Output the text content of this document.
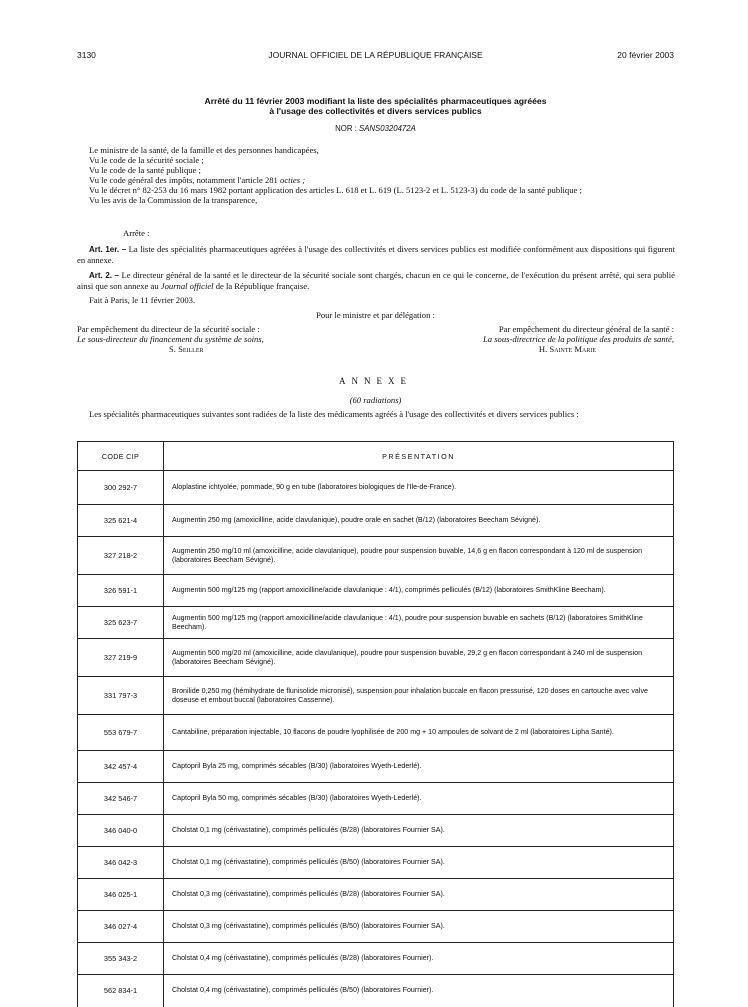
3130	JOURNAL OFFICIEL DE LA RÉPUBLIQUE FRANÇAISE	20 février 2003
Arrêté du 11 février 2003 modifiant la liste des spécialités pharmaceutiques agréées
à l'usage des collectivités et divers services publics
NOR : SANS0320472A
Le ministre de la santé, de la famille et des personnes handicapées,
Vu le code de la sécurité sociale ;
Vu le code de la santé publique ;
Vu le code général des impôts, notamment l'article 281 octies ;
Vu le décret n° 82-253 du 16 mars 1982 portant application des articles L. 618 et L. 619 (L. 5123-2 et L. 5123-3) du code de la santé publique ;
Vu les avis de la Commission de la transparence,
Arrête :
Art. 1er. – La liste des spécialités pharmaceutiques agréées à l'usage des collectivités et divers services publics est modifiée conformément aux dispositions qui figurent en annexe.
Art. 2. – Le directeur général de la santé et le directeur de la sécurité sociale sont chargés, chacun en ce qui le concerne, de l'exécution du présent arrêté, qui sera publié ainsi que son annexe au Journal officiel de la République française.
Fait à Paris, le 11 février 2003.
Pour le ministre et par délégation :
Par empêchement du directeur de la sécurité sociale :
Le sous-directeur du financement du système de soins,
S. Seiller
Par empêchement du directeur général de la santé :
La sous-directrice de la politique des produits de santé,
H. Sainte Marie
ANNEXE
(60 radiations)
Les spécialités pharmaceutiques suivantes sont radiées de la liste des médicaments agréés à l'usage des collectivités et divers services publics :
CODE CIP	PRÉSENTATION
300 292-7	Aloplastine ichtyolée, pommade, 90 g en tube (laboratoires biologiques de l'Ile-de-France).
325 621-4	Augmentin 250 mg (amoxicilline, acide clavulanique), poudre orale en sachet (B/12) (laboratoires Beecham Sévigné).
327 218-2	Augmentin 250 mg/10 ml (amoxicilline, acide clavulanique), poudre pour suspension buvable, 14,6 g en flacon correspondant à 120 ml de suspension (laboratoires Beecham Sévigné).
326 591-1	Augmentin 500 mg/125 mg (rapport amoxicilline/acide clavulanique : 4/1), comprimés pelliculés (B/12) (laboratoires SmithKline Beecham).
325 623-7	Augmentin 500 mg/125 mg (rapport amoxicilline/acide clavulanique : 4/1), poudre pour suspension buvable en sachets (B/12) (laboratoires SmithKline Beecham).
327 219-9	Augmentin 500 mg/20 ml (amoxicilline, acide clavulanique), poudre pour suspension buvable, 29,2 g en flacon correspondant à 240 ml de suspension (laboratoires Beecham Sévigné).
331 797-3	Bronilide 0,250 mg (hémihydrate de flunisolide micronisé), suspension pour inhalation buccale en flacon pressurisé, 120 doses en cartouche avec valve doseuse et embout buccal (laboratoires Cassenne).
553 679-7	Cantabiline, préparation injectable, 10 flacons de poudre lyophilisée de 200 mg + 10 ampoules de solvant de 2 ml (laboratoires Lipha Santé).
342 457-4	Captopril Byla 25 mg, comprimés sécables (B/30) (laboratoires Wyeth-Lederlé).
342 546-7	Captopril Byla 50 mg, comprimés sécables (B/30) (laboratoires Wyeth-Lederlé).
346 040-0	Cholstat 0,1 mg (cérivastatine), comprimés pelliculés (B/28) (laboratoires Fournier SA).
346 042-3	Cholstat 0,1 mg (cérivastatine), comprimés pelliculés (B/50) (laboratoires Fournier SA).
346 025-1	Cholstat 0,3 mg (cérivastatine), comprimés pelliculés (B/28) (laboratoires Fournier SA).
346 027-4	Cholstat 0,3 mg (cérivastatine), comprimés pelliculés (B/50) (laboratoires Fournier SA).
355 343-2	Cholstat 0,4 mg (cérivastatine), comprimés pelliculés (B/28) (laboratoires Fournier).
562 834-1	Cholstat 0,4 mg (cérivastatine), comprimés pelliculés (B/50) (laboratoires Fournier).
